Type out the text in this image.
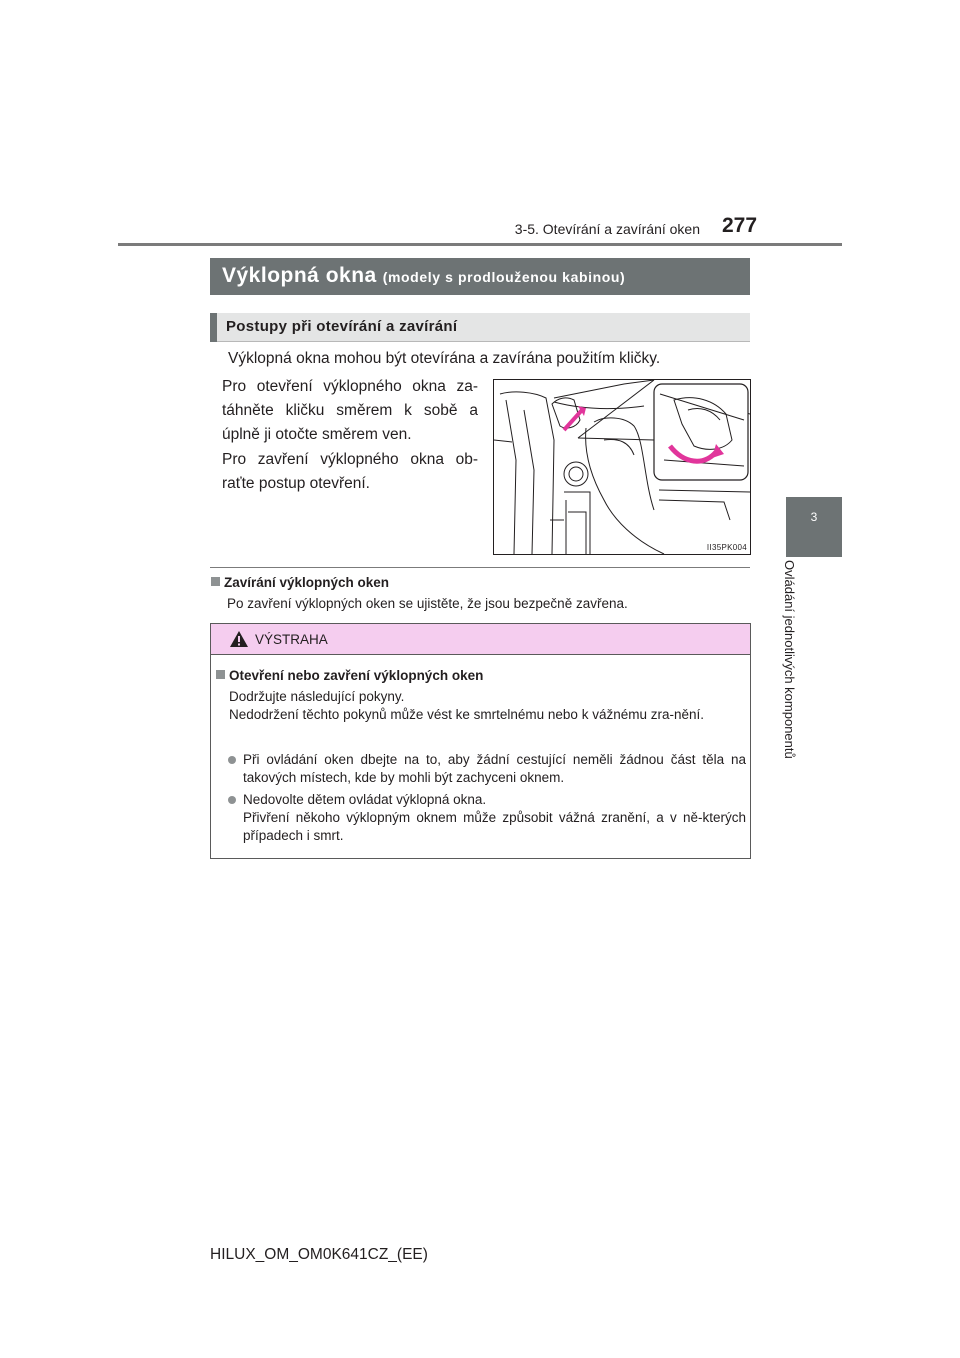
3-5. Otevírání a zavírání oken 277
3
Ovládání jednotlivých komponentů
Výklopná okna (modely s prodlouženou kabinou)
Postupy při otevírání a zavírání
Výklopná okna mohou být otevírána a zavírána použitím kličky.
Pro otevření výklopného okna za-táhněte kličku směrem k sobě a úplně ji otočte směrem ven.
Pro zavření výklopného okna ob-raťte postup otevření.
II35PK004
Zavírání výklopných oken
Po zavření výklopných oken se ujistěte, že jsou bezpečně zavřena.
VÝSTRAHA
Otevření nebo zavření výklopných oken
Dodržujte následující pokyny.
Nedodržení těchto pokynů může vést ke smrtelnému nebo k vážnému zra-nění.
Při ovládání oken dbejte na to, aby žádní cestující neměli žádnou část těla na takových místech, kde by mohli být zachyceni oknem.
Nedovolte dětem ovládat výklopná okna.
Přivření někoho výklopným oknem může způsobit vážná zranění, a v ně-kterých případech i smrt.
HILUX_OM_OM0K641CZ_(EE)
